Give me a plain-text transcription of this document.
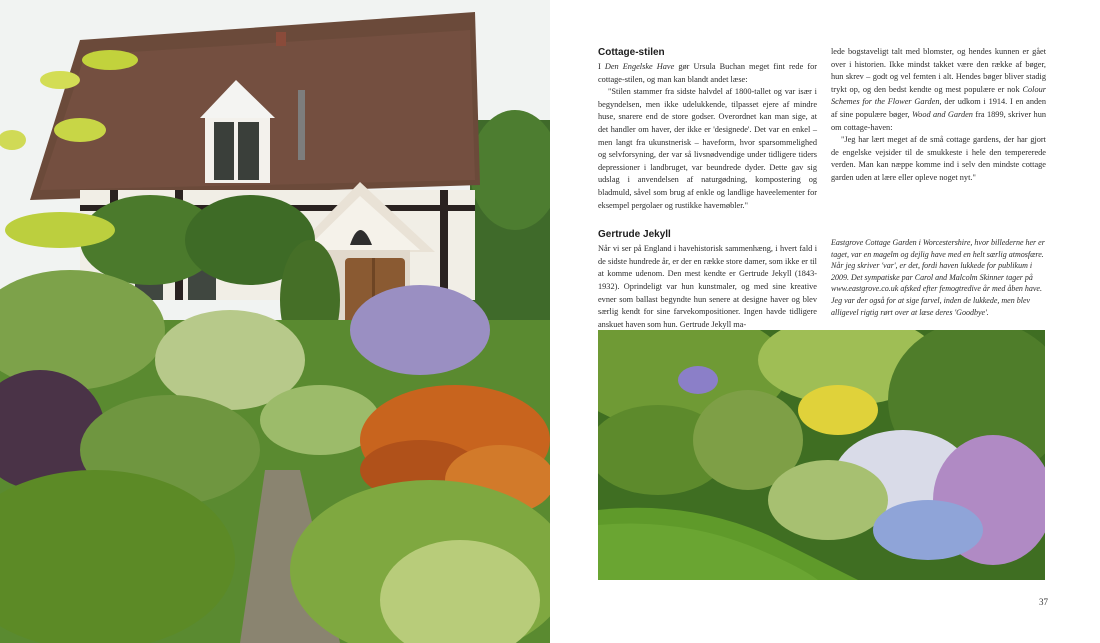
Cottage-stilen

I Den Engelske Have gør Ursula Buchan meget fint rede for cottage-stilen, og man kan blandt andet læse:

"Stilen stammer fra sidste halvdel af 1800-tallet og var især i begyndelsen, men ikke udelukkende, tilpasset ejere af mindre huse, snarere end de store godser. Overordnet kan man sige, at det handler om haver, der ikke er 'designede'. Det var en enkel – men langt fra ukunstnerisk – haveform, hvor sparsommelighed og selvforsyning, der var så livsnødvendige under tidligere tiders depressioner i landbruget, var beundrede dyder. Dette gav sig udslag i anvendelsen af naturgødning, kompostering og bladmuld, såvel som brug af enkle og landlige haveelementer for eksempel pergolaer og rustikke havemøbler."

Gertrude Jekyll

Når vi ser på England i havehistorisk sammenhæng, i hvert fald i de sidste hundrede år, er der en række store damer, som ikke er til at komme udenom. Den mest kendte er Gertrude Jekyll (1843-1932). Oprindeligt var hun kunstmaler, og med sine kreative evner som ballast begyndte hun senere at designe haver og blev særlig kendt for sine farvekompositioner. Ingen havde tidligere anskuet haven som hun. Gertrude Jekyll ma-

lede bogstaveligt talt med blomster, og hendes kunnen er gået over i historien. Ikke mindst takket være den række af bøger, hun skrev – godt og vel femten i alt. Hendes bøger bliver stadig trykt op, og den bedst kendte og mest populære er nok Colour Schemes for the Flower Garden, der udkom i 1914. I en anden af sine populære bøger, Wood and Garden fra 1899, skriver hun om cottage-haven:

"Jeg har lært meget af de små cottage gardens, der har gjort de engelske vejsider til de smukkeste i hele den tempererede verden. Man kan næppe komme ind i selv den mindste cottage garden uden at lære eller opleve noget nyt."

Eastgrove Cottage Garden i Worcestershire, hvor billederne her er taget, var en magelm og dejlig have med en helt særlig atmosfære. Når jeg skriver 'var', er det, fordi haven lukkede for publikum i 2009. Det sympatiske par Carol and Malcolm Skinner tager på www.eastgrove.co.uk afsked efter femogtredive år med åben have. Jeg var der også for at sige farvel, inden de lukkede, men blev alligevel rigtig rørt over at læse deres 'Goodbye'.
37
